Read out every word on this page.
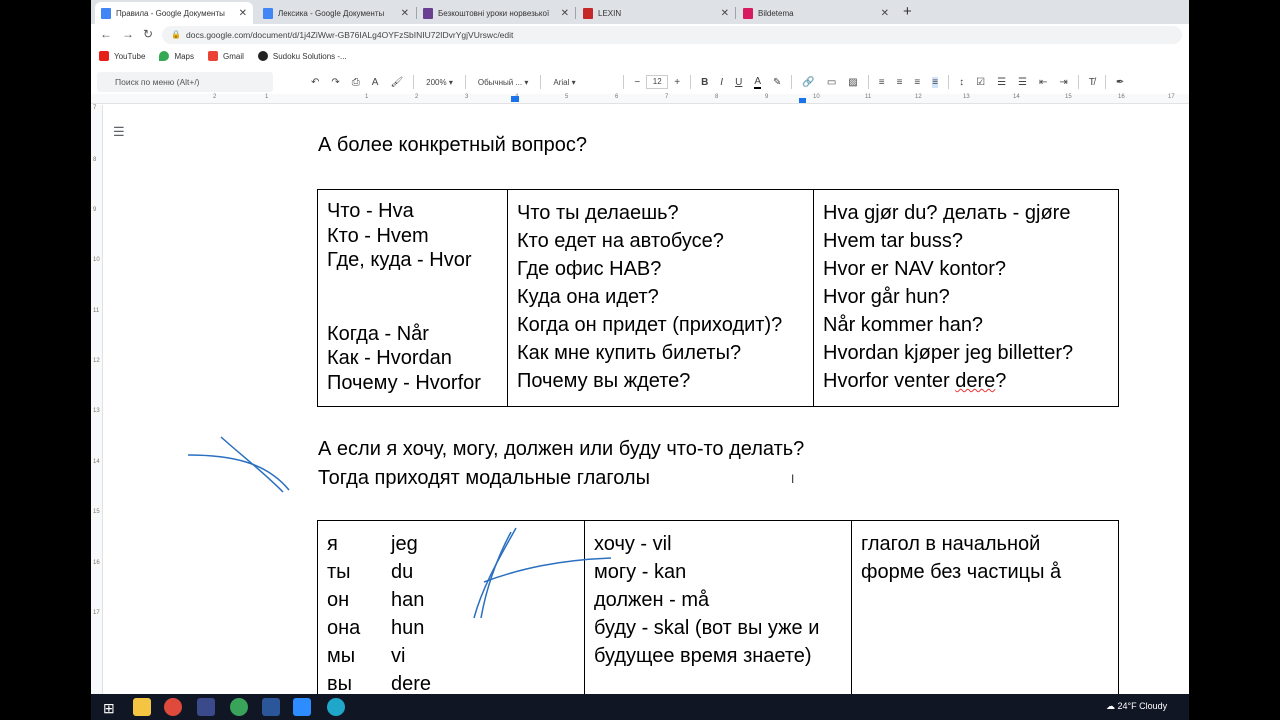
Правила - Google Документы	✕	Лексика - Google Документы	✕	Безкоштовні уроки норвезької	✕	LEXIN	✕	Bildetema	✕ +
← → ↻ 🔒 docs.google.com/document/d/1j4ZiWwr-GB76IALg4OYFzSbINIU72IDvrYgjVUrswc/edit
YouTube	Maps	Gmail	Sudoku Solutions -...
Поиск по меню (Alt+/)	↶ ↷ ⎙ A 🖌	200% ▾	Обычный ... ▾	Arial ▾	−	12	+ B I U A ✎ 🔗 ▭ ▨ ≡ ≡ ≡ ≡ ↕ ☑ ☰ ☰ ⇤ ⇥ T̸ ✒
2	1	1	2	3	5	6	7	8	9	10	11	12	13	14	15	16	17
7
8
9
10
11
12
13
14
15
16
17
☰
А более конкретный вопрос?
Что - Hva
Кто - Hvem
Где, куда - Hvor
Когда - Når
Как - Hvordan
Почему - Hvorfor

Что ты делаешь?
Кто едет на автобусе?
Где офис НАВ?
Куда она идет?
Когда он придет (приходит)?
Как мне купить билеты?
Почему вы ждете?

Hva gjør du? делать - gjøre
Hvem tar buss?
Hvor er NAV kontor?
Hvor går hun?
Når kommer han?
Hvordan kjøper jeg billetter?
Hvorfor venter dere?
А если я хочу, могу, должен или буду что-то делать?
Тогда приходят модальные глаголы	I
я	jeg
ты	du
он	han
она	hun
мы	vi
вы	dere

хочу - vil
могу - kan
должен - må
буду - skal (вот вы уже и
будущее время знаете)

глагол в начальной
форме без частицы å
⊞	☁ 24°F Cloudy
